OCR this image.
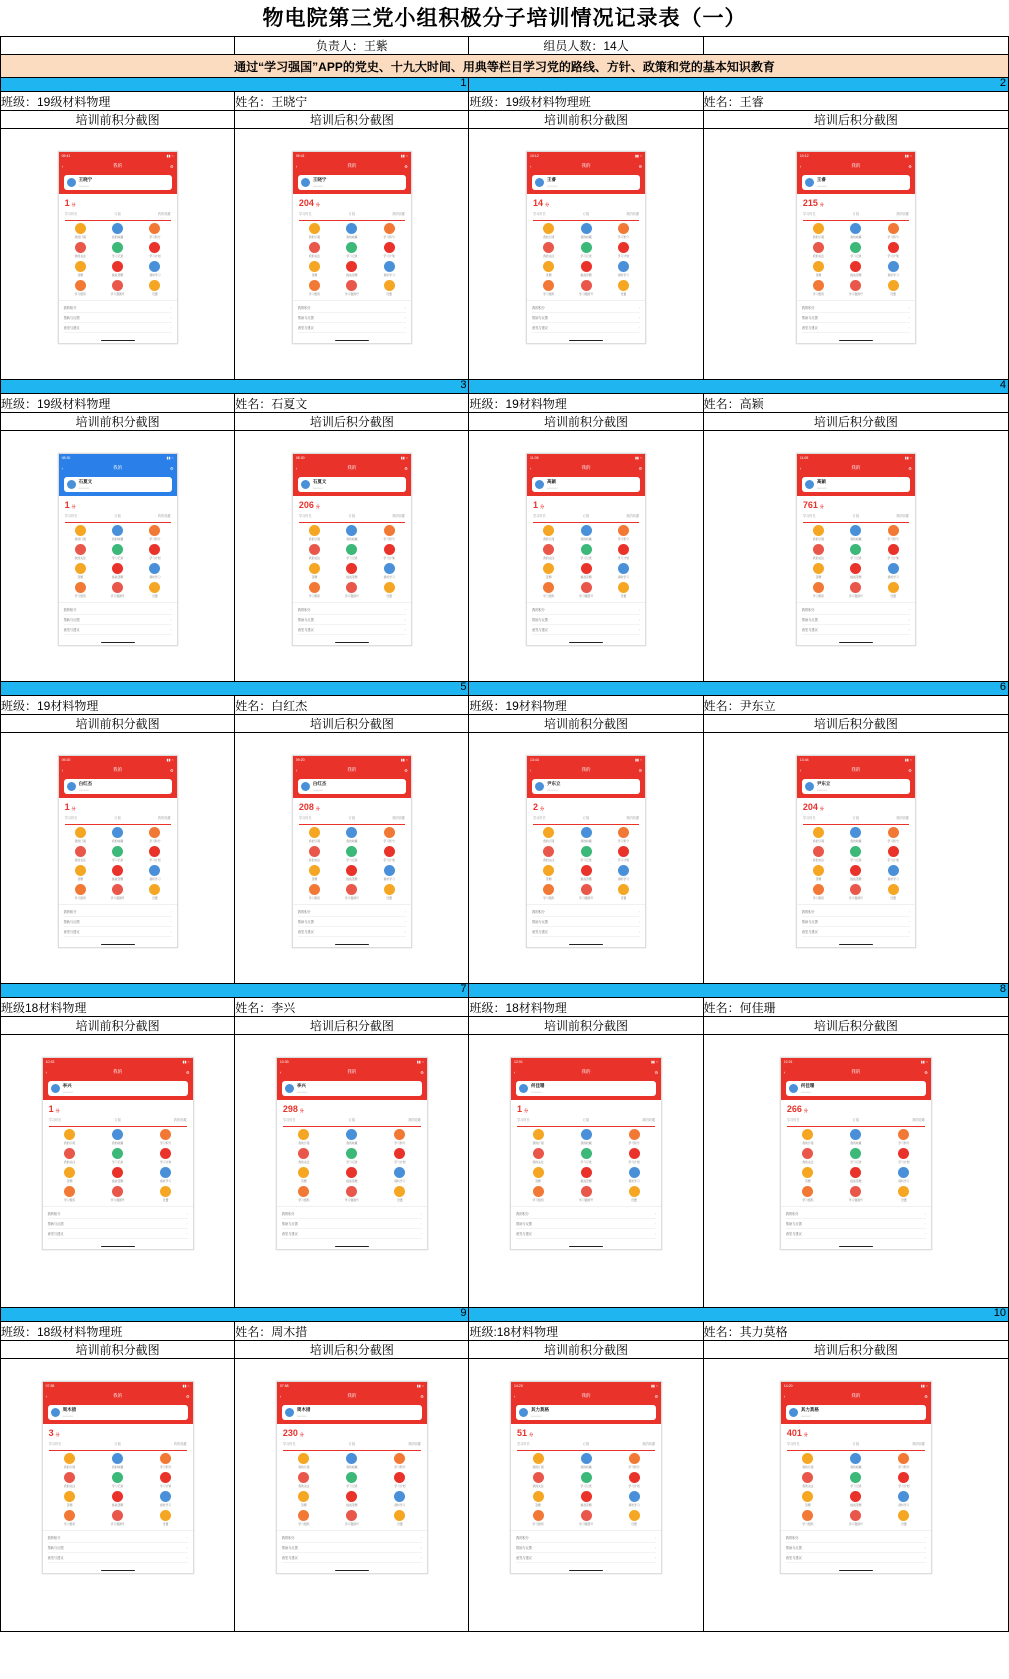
物电院第三党小组积极分子培训情况记录表（一）
	负责人：王紫	组员人数：14人	
通过“学习强国”APP的党史、十九大时间、用典等栏目学习党的路线、方针、政策和党的基本知识教育			

1		2	

班级：19级材料物理	姓名：王晓宁	班级：19级材料物理班	姓名：王睿
培训前积分截图	培训后积分截图	培训前积分截图	培训后积分截图

09:41	▮▮ ⌁
‹	我的	⚙
王晓宁
••••••••••
1 分
学习时长	订阅	我的收藏
我的订阅	我的收藏	学习积分
我的关注	学习记录	学习计划
答题	挑战答题	视听学习
学习组织	学习强国号	设置
我的积分	›
帮助与反馈	›
意见与建议	›

09:41	▮▮ ⌁
‹	我的	⚙
王晓宁
••••••••••
204 分
学习时长	订阅	我的收藏
我的订阅	我的收藏	学习积分
我的关注	学习记录	学习计划
答题	挑战答题	视听学习
学习组织	学习强国号	设置
我的积分	›
帮助与反馈	›
意见与建议	›

10:12	▮▮ ⌁
‹	我的	⚙
王睿
••••••••••
14 分
学习时长	订阅	我的收藏
我的订阅	我的收藏	学习积分
我的关注	学习记录	学习计划
答题	挑战答题	视听学习
学习组织	学习强国号	设置
我的积分	›
帮助与反馈	›
意见与建议	›

10:12	▮▮ ⌁
‹	我的	⚙
王睿
••••••••••
215 分
学习时长	订阅	我的收藏
我的订阅	我的收藏	学习积分
我的关注	学习记录	学习计划
答题	挑战答题	视听学习
学习组织	学习强国号	设置
我的积分	›
帮助与反馈	›
意见与建议	›

3		4	

班级：19级材料物理	姓名：石夏文	班级：19材料物理	姓名：高颖
培训前积分截图	培训后积分截图	培训前积分截图	培训后积分截图

08:30	▮▮ ⌁
‹	我的	⚙
石夏文
••••••••••
1 分
学习时长	订阅	我的收藏
我的订阅	我的收藏	学习积分
我的关注	学习记录	学习计划
答题	挑战答题	视听学习
学习组织	学习强国号	设置
我的积分	›
帮助与反馈	›
意见与建议	›

08:30	▮▮ ⌁
‹	我的	⚙
石夏文
••••••••••
206 分
学习时长	订阅	我的收藏
我的订阅	我的收藏	学习积分
我的关注	学习记录	学习计划
答题	挑战答题	视听学习
学习组织	学习强国号	设置
我的积分	›
帮助与反馈	›
意见与建议	›

11:05	▮▮ ⌁
‹	我的	⚙
高颖
••••••••••
1 分
学习时长	订阅	我的收藏
我的订阅	我的收藏	学习积分
我的关注	学习记录	学习计划
答题	挑战答题	视听学习
学习组织	学习强国号	设置
我的积分	›
帮助与反馈	›
意见与建议	›

11:05	▮▮ ⌁
‹	我的	⚙
高颖
••••••••••
761 分
学习时长	订阅	我的收藏
我的订阅	我的收藏	学习积分
我的关注	学习记录	学习计划
答题	挑战答题	视听学习
学习组织	学习强国号	设置
我的积分	›
帮助与反馈	›
意见与建议	›

5		6	

班级：19材料物理	姓名：白红杰	班级：19材料物理	姓名：尹东立
培训前积分截图	培训后积分截图	培训前积分截图	培训后积分截图

09:20	▮▮ ⌁
‹	我的	⚙
白红杰
••••••••••
1 分
学习时长	订阅	我的收藏
我的订阅	我的收藏	学习积分
我的关注	学习记录	学习计划
答题	挑战答题	视听学习
学习组织	学习强国号	设置
我的积分	›
帮助与反馈	›
意见与建议	›

09:20	▮▮ ⌁
‹	我的	⚙
白红杰
••••••••••
208 分
学习时长	订阅	我的收藏
我的订阅	我的收藏	学习积分
我的关注	学习记录	学习计划
答题	挑战答题	视听学习
学习组织	学习强国号	设置
我的积分	›
帮助与反馈	›
意见与建议	›

13:44	▮▮ ⌁
‹	我的	⚙
尹东立
••••••••••
2 分
学习时长	订阅	我的收藏
我的订阅	我的收藏	学习积分
我的关注	学习记录	学习计划
答题	挑战答题	视听学习
学习组织	学习强国号	设置
我的积分	›
帮助与反馈	›
意见与建议	›

13:44	▮▮ ⌁
‹	我的	⚙
尹东立
••••••••••
204 分
学习时长	订阅	我的收藏
我的订阅	我的收藏	学习积分
我的关注	学习记录	学习计划
答题	挑战答题	视听学习
学习组织	学习强国号	设置
我的积分	›
帮助与反馈	›
意见与建议	›

7		8	

班级18材料物理	姓名：李兴	班级：18材料物理	姓名：何佳珊
培训前积分截图	培训后积分截图	培训前积分截图	培训后积分截图

10:33	▮▮ ⌁
‹	我的	⚙
李兴
••••••••••
1 分
学习时长	订阅	我的收藏
我的订阅	我的收藏	学习积分
我的关注	学习记录	学习计划
答题	挑战答题	视听学习
学习组织	学习强国号	设置
我的积分	›
帮助与反馈	›
意见与建议	›

10:33	▮▮ ⌁
‹	我的	⚙
李兴
••••••••••
298 分
学习时长	订阅	我的收藏
我的订阅	我的收藏	学习积分
我的关注	学习记录	学习计划
答题	挑战答题	视听学习
学习组织	学习强国号	设置
我的积分	›
帮助与反馈	›
意见与建议	›

12:01	▮▮ ⌁
‹	我的	⚙
何佳珊
••••••••••
1 分
学习时长	订阅	我的收藏
我的订阅	我的收藏	学习积分
我的关注	学习记录	学习计划
答题	挑战答题	视听学习
学习组织	学习强国号	设置
我的积分	›
帮助与反馈	›
意见与建议	›

12:01	▮▮ ⌁
‹	我的	⚙
何佳珊
••••••••••
266 分
学习时长	订阅	我的收藏
我的订阅	我的收藏	学习积分
我的关注	学习记录	学习计划
答题	挑战答题	视听学习
学习组织	学习强国号	设置
我的积分	›
帮助与反馈	›
意见与建议	›

9		10	

班级：18级材料物理班	姓名：周木措	班级:18材料物理	姓名：其力莫格
培训前积分截图	培训后积分截图	培训前积分截图	培训后积分截图

07:58	▮▮ ⌁
‹	我的	⚙
周木措
••••••••••
3 分
学习时长	订阅	我的收藏
我的订阅	我的收藏	学习积分
我的关注	学习记录	学习计划
答题	挑战答题	视听学习
学习组织	学习强国号	设置
我的积分	›
帮助与反馈	›
意见与建议	›

07:58	▮▮ ⌁
‹	我的	⚙
周木措
••••••••••
230 分
学习时长	订阅	我的收藏
我的订阅	我的收藏	学习积分
我的关注	学习记录	学习计划
答题	挑战答题	视听学习
学习组织	学习强国号	设置
我的积分	›
帮助与反馈	›
意见与建议	›

14:20	▮▮ ⌁
‹	我的	⚙
其力莫格
••••••••••
51 分
学习时长	订阅	我的收藏
我的订阅	我的收藏	学习积分
我的关注	学习记录	学习计划
答题	挑战答题	视听学习
学习组织	学习强国号	设置
我的积分	›
帮助与反馈	›
意见与建议	›

14:20	▮▮ ⌁
‹	我的	⚙
其力莫格
••••••••••
401 分
学习时长	订阅	我的收藏
我的订阅	我的收藏	学习积分
我的关注	学习记录	学习计划
答题	挑战答题	视听学习
学习组织	学习强国号	设置
我的积分	›
帮助与反馈	›
意见与建议	›
